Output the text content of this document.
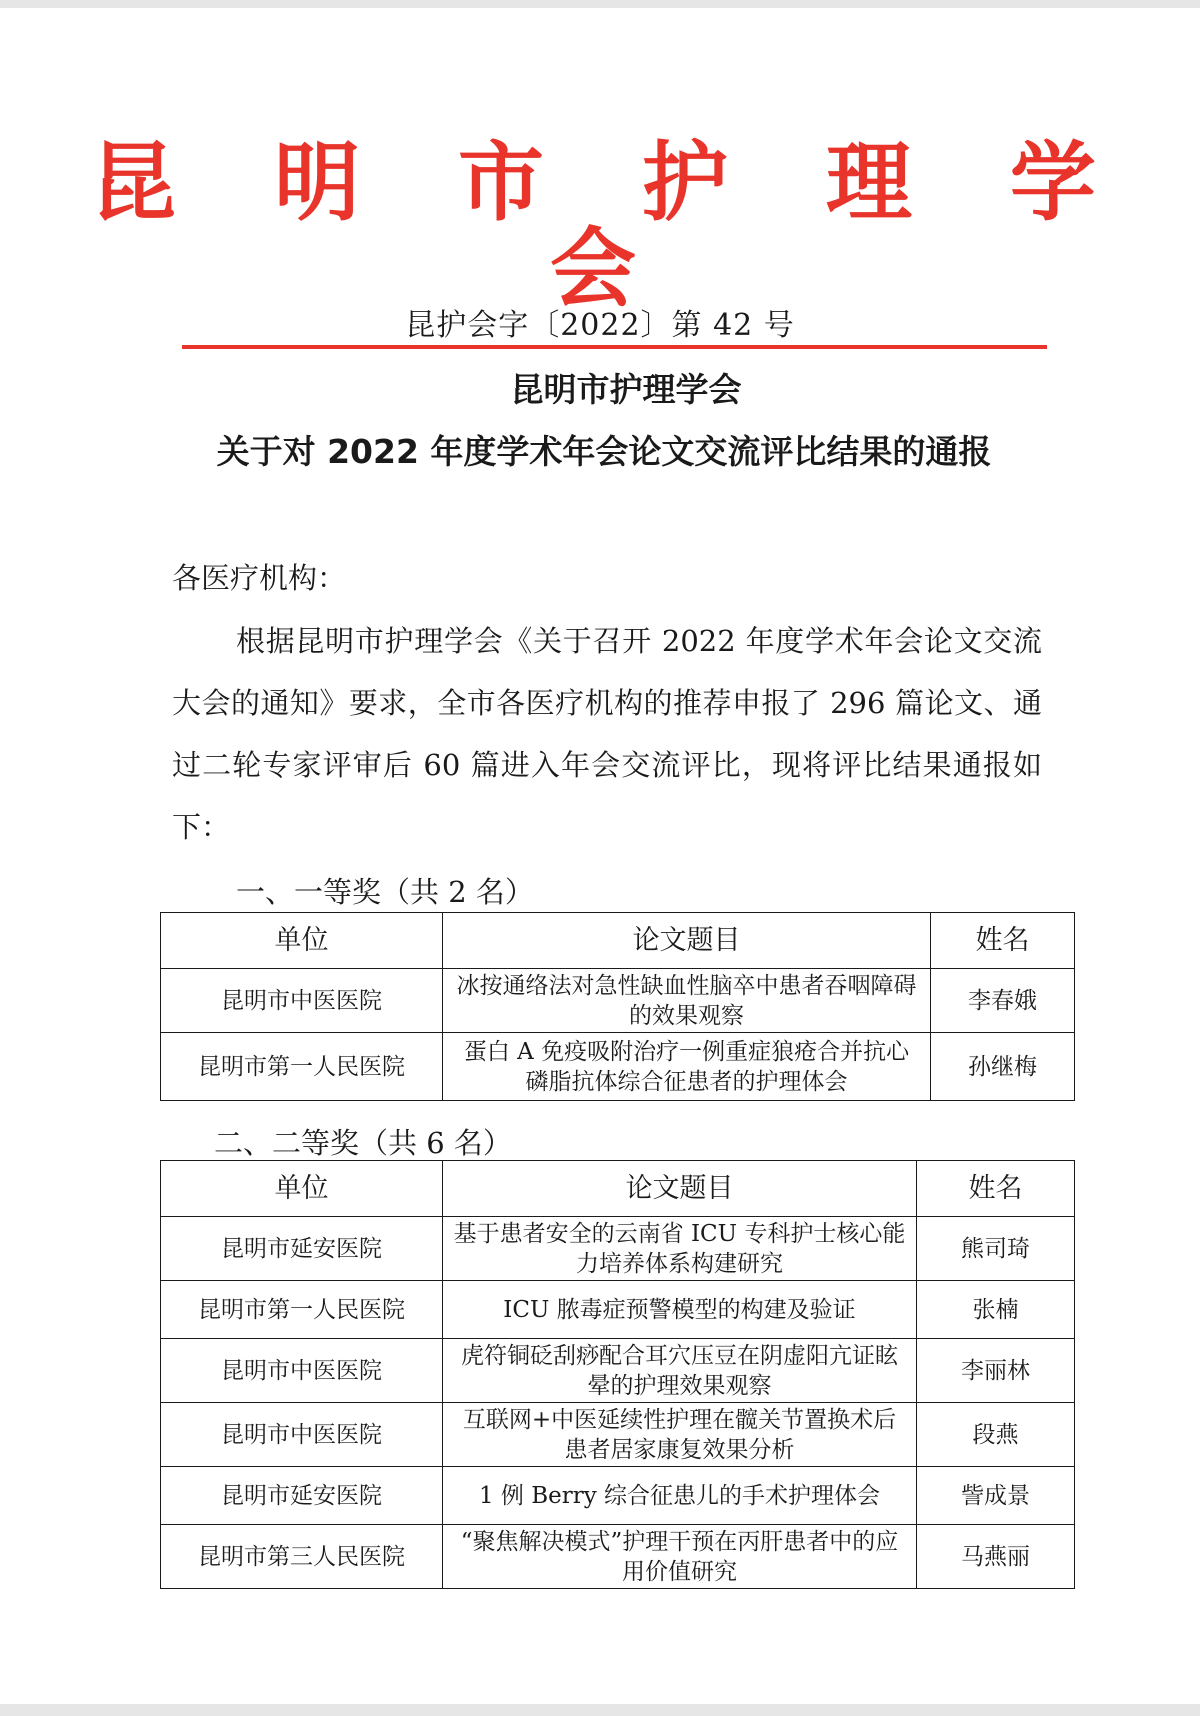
昆 明 市 护 理 学 会
昆护会字〔2022〕第 42 号
昆明市护理学会
关于对 2022 年度学术年会论文交流评比结果的通报
各医疗机构：
根据昆明市护理学会《关于召开 2022 年度学术年会论文交流大会的通知》要求，全市各医疗机构的推荐申报了 296 篇论文、通过二轮专家评审后 60 篇进入年会交流评比，现将评比结果通报如下：
一、一等奖（共 2 名）
单位	论文题目	姓名
昆明市中医医院	冰按通络法对急性缺血性脑卒中患者吞咽障碍的效果观察	李春娥
昆明市第一人民医院	蛋白 A 免疫吸附治疗一例重症狼疮合并抗心磷脂抗体综合征患者的护理体会	孙继梅
二、二等奖（共 6 名）
单位	论文题目	姓名
昆明市延安医院	基于患者安全的云南省 ICU 专科护士核心能力培养体系构建研究	熊司琦
昆明市第一人民医院	ICU 脓毒症预警模型的构建及验证	张楠
昆明市中医医院	虎符铜砭刮痧配合耳穴压豆在阴虚阳亢证眩晕的护理效果观察	李丽林
昆明市中医医院	互联网+中医延续性护理在髋关节置换术后患者居家康复效果分析	段燕
昆明市延安医院	1 例 Berry 综合征患儿的手术护理体会	訾成景
昆明市第三人民医院	“聚焦解决模式”护理干预在丙肝患者中的应用价值研究	马燕丽
